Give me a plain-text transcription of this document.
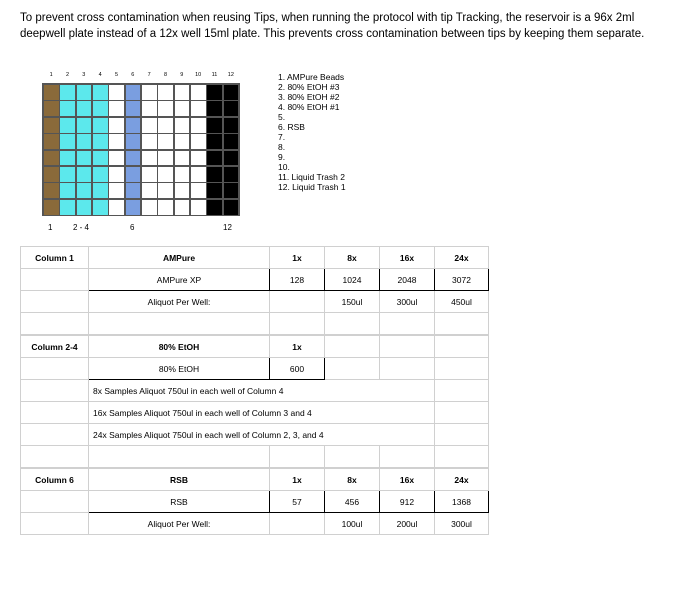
To prevent cross contamination when reusing Tips, when running the protocol with tip Tracking, the reservoir is a 96x 2ml deepwell plate instead of a 12x well 15ml plate. This prevents cross contamination between tips by keeping them separate.
1	2	3	4	5	6	7	8	9	10	11	12
1	2 - 4	6	12
1. AMPure Beads
2. 80% EtOH #3
3. 80% EtOH #2
4. 80% EtOH #1
5.
6. RSB
7.
8.
9.
10.
11. Liquid Trash 2
12. Liquid Trash 1
Column 1	AMPure	1x	8x	16x	24x
	AMPure XP	128	1024	2048	3072
	Aliquot Per Well:		150ul	300ul	450ul

Column 2-4	80% EtOH	1x			
	80% EtOH	600			
	8x Samples Aliquot 750ul in each well of Column 4				
	16x Samples Aliquot 750ul in each well of Column 3 and 4				
	24x Samples Aliquot 750ul in each well of Column 2, 3, and 4				

Column 6	RSB	1x	8x	16x	24x
	RSB	57	456	912	1368
	Aliquot Per Well:		100ul	200ul	300ul
